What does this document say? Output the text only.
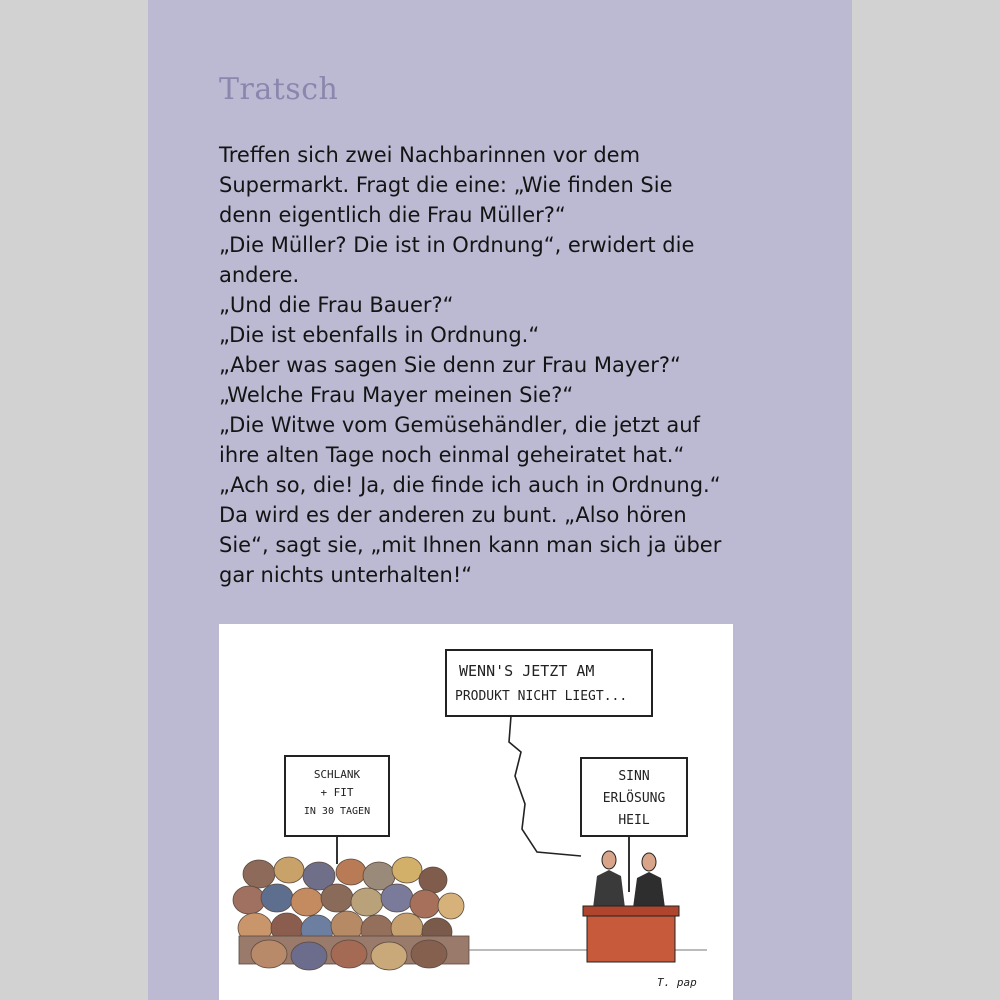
Tratsch
Treffen sich zwei Nachbarinnen vor dem
Supermarkt. Fragt die eine: „Wie finden Sie
denn eigentlich die Frau Müller?“
„Die Müller? Die ist in Ordnung“, erwidert die
andere.
„Und die Frau Bauer?“
„Die ist ebenfalls in Ordnung.“
„Aber was sagen Sie denn zur Frau Mayer?“
„Welche Frau Mayer meinen Sie?“
„Die Witwe vom Gemüsehändler, die jetzt auf
ihre alten Tage noch einmal geheiratet hat.“
„Ach so, die! Ja, die finde ich auch in Ordnung.“
Da wird es der anderen zu bunt. „Also hören
Sie“, sagt sie, „mit Ihnen kann man sich ja über
gar nichts unterhalten!“
WENN'S JETZT AM
PRODUKT NICHT LIEGT...
SCHLANK
+ FIT
IN 30 TAGEN
SINN
ERLÖSUNG
HEIL
T. pap
